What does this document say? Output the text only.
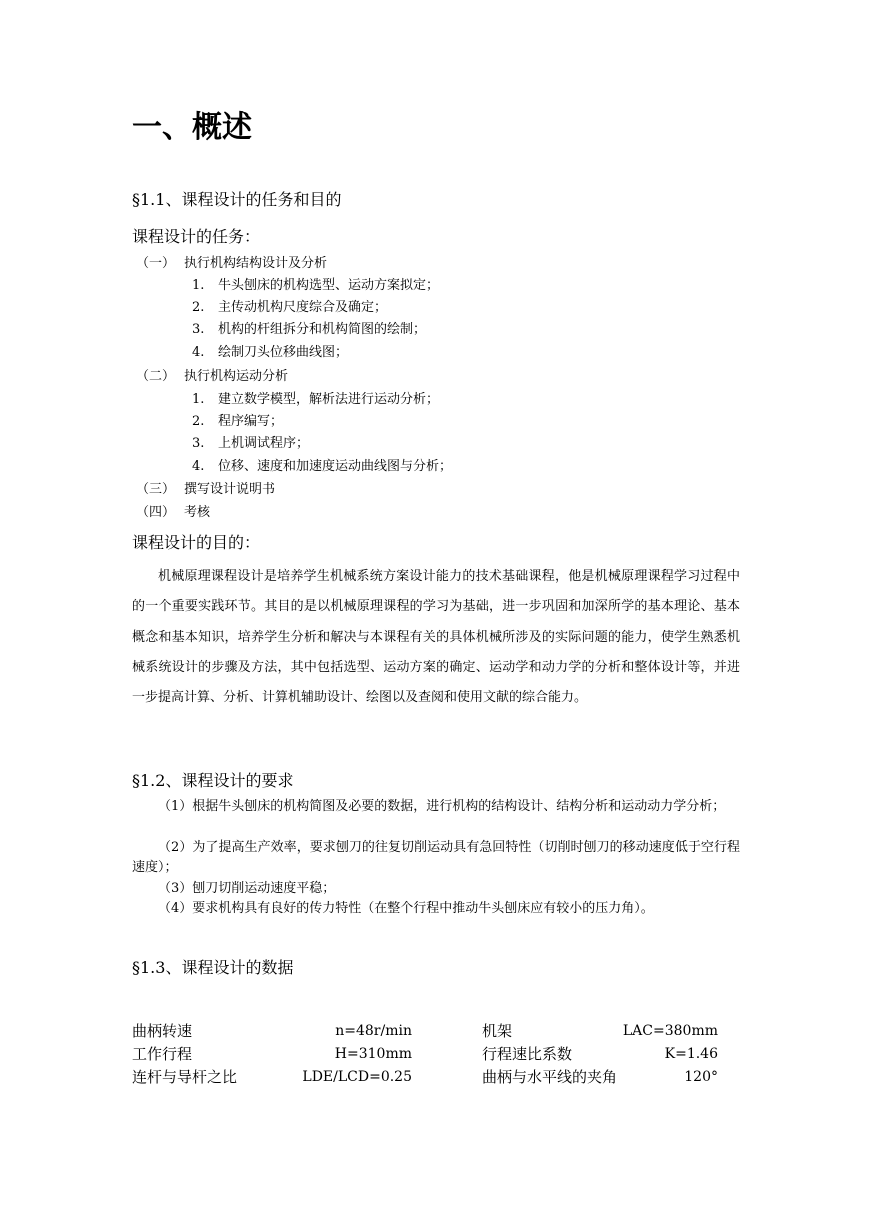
一、概述
§1.1、课程设计的任务和目的
课程设计的任务：
（一） 执行机构结构设计及分析
1. 牛头刨床的机构选型、运动方案拟定；
2. 主传动机构尺度综合及确定；
3. 机构的杆组拆分和机构简图的绘制；
4. 绘制刀头位移曲线图；
（二） 执行机构运动分析
1. 建立数学模型，解析法进行运动分析；
2. 程序编写；
3. 上机调试程序；
4. 位移、速度和加速度运动曲线图与分析；
（三） 撰写设计说明书
（四） 考核
课程设计的目的：

机械原理课程设计是培养学生机械系统方案设计能力的技术基础课程，他是机械原理课程学习过程中的一个重要实践环节。其目的是以机械原理课程的学习为基础，进一步巩固和加深所学的基本理论、基本概念和基本知识，培养学生分析和解决与本课程有关的具体机械所涉及的实际问题的能力，使学生熟悉机械系统设计的步骤及方法，其中包括选型、运动方案的确定、运动学和动力学的分析和整体设计等，并进一步提高计算、分析、计算机辅助设计、绘图以及查阅和使用文献的综合能力。

§1.2、课程设计的要求

（1）根据牛头刨床的机构简图及必要的数据，进行机构的结构设计、结构分析和运动动力学分析；

（2）为了提高生产效率，要求刨刀的往复切削运动具有急回特性（切削时刨刀的移动速度低于空行程速度）；

（3）刨刀切削运动速度平稳；

（4）要求机构具有良好的传力特性（在整个行程中推动牛头刨床应有较小的压力角）。

§1.3、课程设计的数据
曲柄转速	n=48r/min	机架	LAC=380mm
工作行程	H=310mm	行程速比系数	K=1.46
连杆与导杆之比	LDE/LCD=0.25	曲柄与水平线的夹角	120°
